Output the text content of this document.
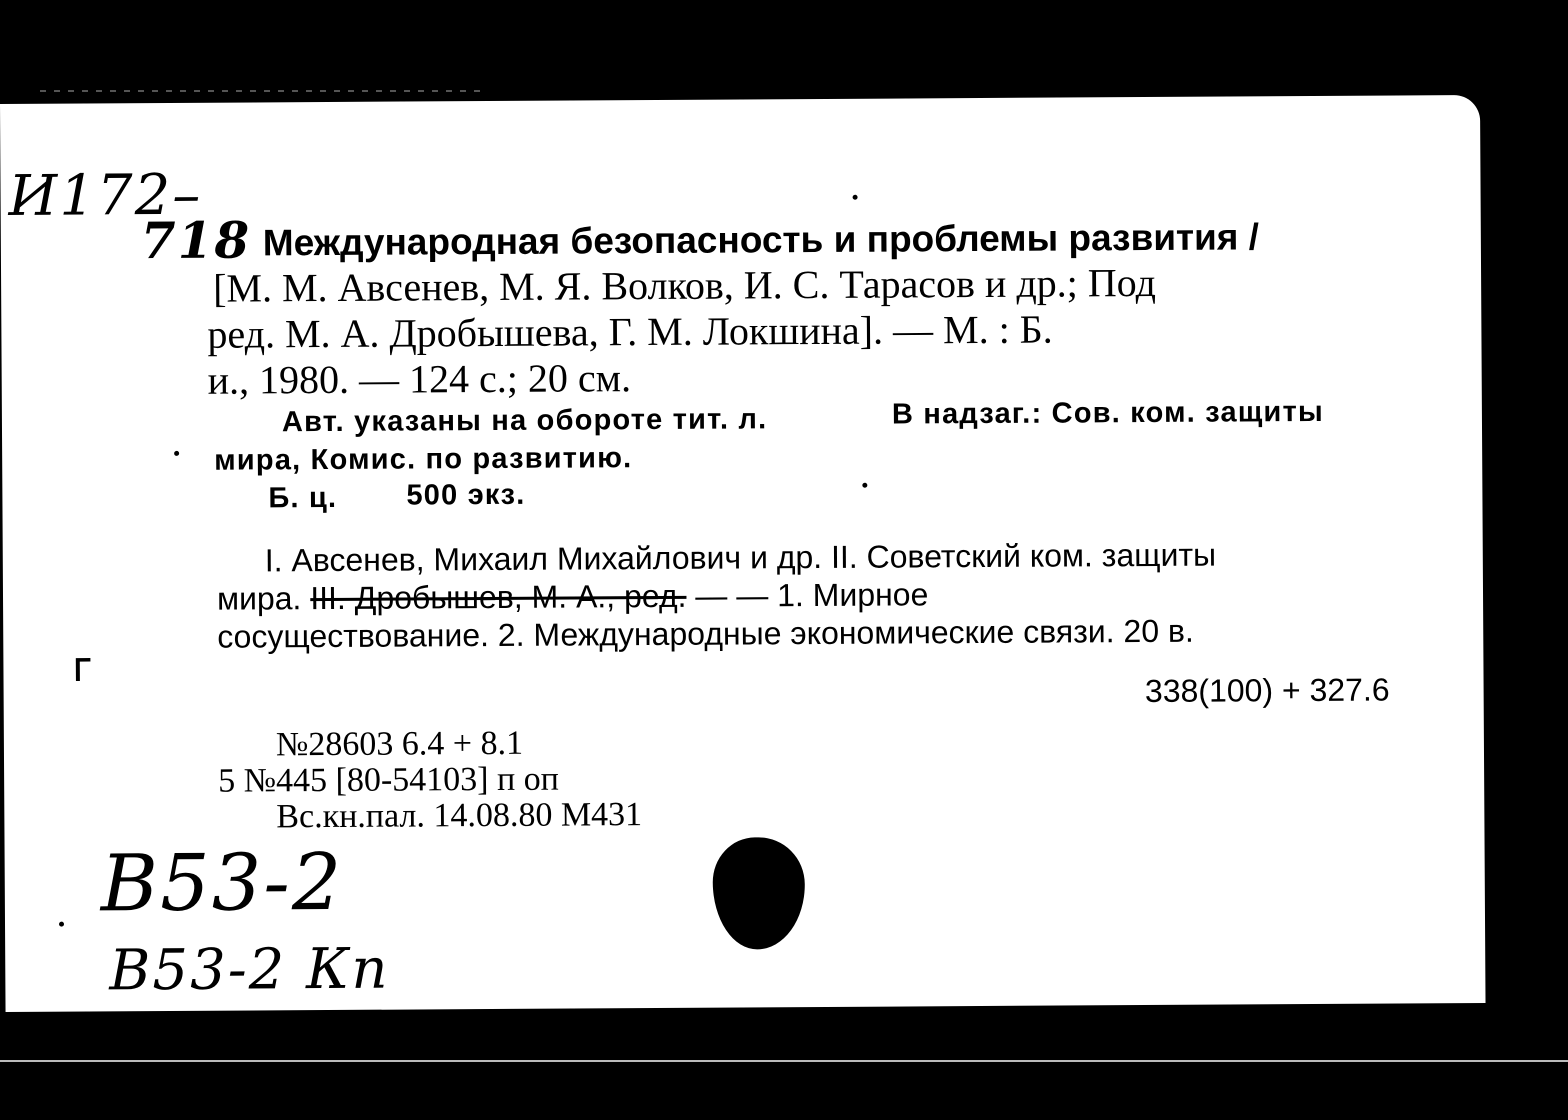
И172–
718 Международная безопасность и проблемы развития /
[М. М. Авсенев, М. Я. Волков, И. С. Тарасов и др.; Под
ред. М. А. Дробышева, Г. М. Локшина]. — М. : Б.
и., 1980. — 124 с.; 20 см.
Авт. указаны на обороте тит. л.	В надзаг.: Сов. ком. защиты
мира, Комис. по развитию.
Б. ц. 500 экз.
I. Авсенев, Михаил Михайлович и др. II. Советский ком. защиты
мира. III. Дробышев, М. А., ред. — — 1. Мирное
сосуществование. 2. Международные экономические связи. 20 в.
338(100) + 327.6
№28603 6.4 + 8.1
5 №445 [80-54103] п оп
Вс.кн.пал. 14.08.80 М431
В53-2
В53-2 Кп
ᒥ
